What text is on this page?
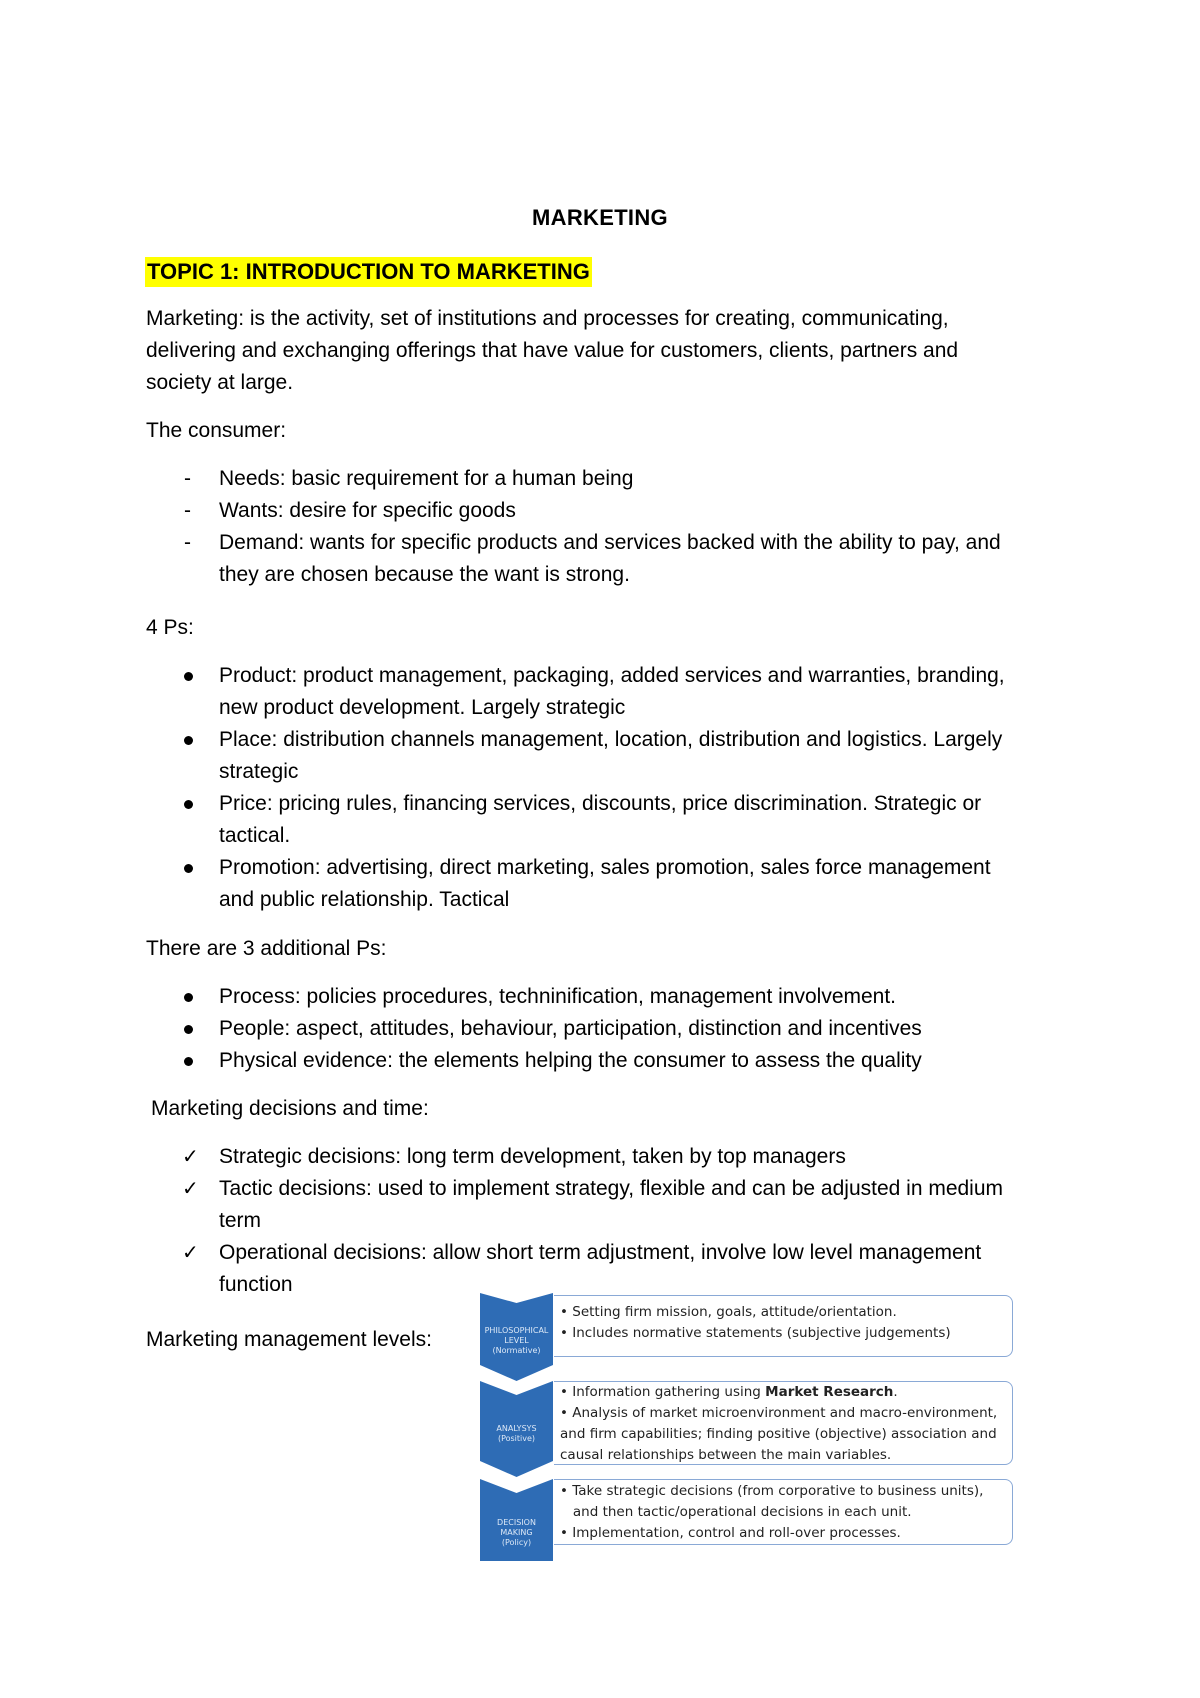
MARKETING
TOPIC 1: INTRODUCTION TO MARKETING
Marketing: is the activity, set of institutions and processes for creating, communicating,
delivering and exchanging offerings that have value for customers, clients, partners and
society at large.
The consumer:
-	Needs: basic requirement for a human being
-	Wants: desire for specific goods
-	Demand: wants for specific products and services backed with the ability to pay, and
they are chosen because the want is strong.
4 Ps:
Product: product management, packaging, added services and warranties, branding,
new product development. Largely strategic
Place: distribution channels management, location, distribution and logistics. Largely
strategic
Price: pricing rules, financing services, discounts, price discrimination. Strategic or
tactical.
Promotion: advertising, direct marketing, sales promotion, sales force management
and public relationship. Tactical
There are 3 additional Ps:
Process: policies procedures, techninification, management involvement.
People: aspect, attitudes, behaviour, participation, distinction and incentives
Physical evidence: the elements helping the consumer to assess the quality
Marketing decisions and time:
✓ Strategic decisions: long term development, taken by top managers
✓ Tactic decisions: used to implement strategy, flexible and can be adjusted in medium
term
✓ Operational decisions: allow short term adjustment, involve low level management
function
Marketing management levels:	PHILOSOPHICAL
LEVEL
(Normative)
• Setting firm mission, goals, attitude/orientation.
• Includes normative statements (subjective judgements)
ANALYSYS
(Positive)
• Information gathering using Market Research.
• Analysis of market microenvironment and macro-environment,
and firm capabilities; finding positive (objective) association and
causal relationships between the main variables.
DECISION
MAKING
(Policy)
• Take strategic decisions (from corporative to business units),
and then tactic/operational decisions in each unit.
• Implementation, control and roll-over processes.
